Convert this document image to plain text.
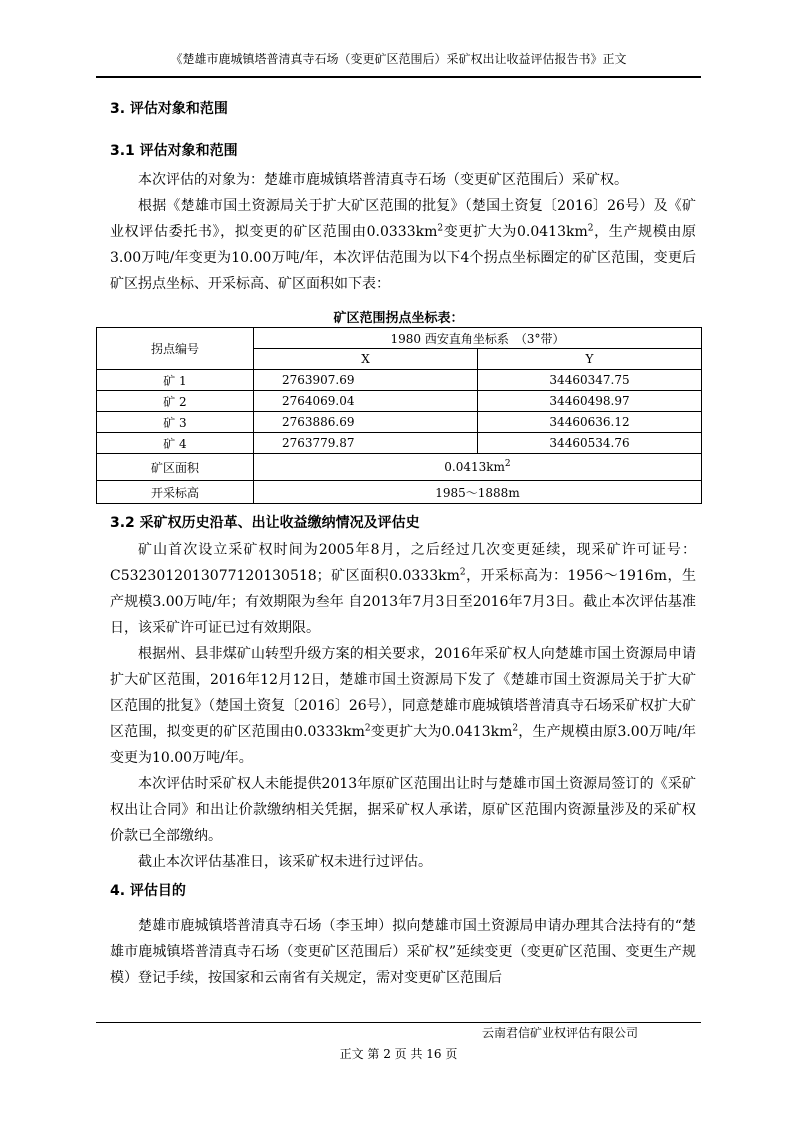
《楚雄市鹿城镇塔普清真寺石场（变更矿区范围后）采矿权出让收益评估报告书》正文
3. 评估对象和范围
3.1 评估对象和范围

本次评估的对象为：楚雄市鹿城镇塔普清真寺石场（变更矿区范围后）采矿权。

根据《楚雄市国土资源局关于扩大矿区范围的批复》（楚国土资复〔2016〕26号）及《矿业权评估委托书》，拟变更的矿区范围由$0.0333km^2$变更扩大为$0.0413km^2$，生产规模由原3.00万吨/年变更为10.00万吨/年，本次评估范围为以下4个拐点坐标圈定的矿区范围，变更后矿区拐点坐标、开采标高、矿区面积如下表：

矿区范围拐点坐标表：
拐点编号	1980 西安直角坐标系　（3°带）	
	X	Y
矿 1	2763907.69	34460347.75
矿 2	2764069.04	34460498.97
矿 3	2763886.69	34460636.12
矿 4	2763779.87	34460534.76
矿区面积	$0.0413km^2$
开采标高	1985～1888m	
3.2 采矿权历史沿革、出让收益缴纳情况及评估史

矿山首次设立采矿权时间为2005年8月，之后经过几次变更延续，现采矿许可证号：C5323012013077120130518；矿区面积$0.0333km^2$，开采标高为：1956～1916m，生产规模3.00万吨/年；有效期限为叁年 自2013年7月3日至2016年7月3日。截止本次评估基准日，该采矿许可证已过有效期限。

根据州、县非煤矿山转型升级方案的相关要求，2016年采矿权人向楚雄市国土资源局申请扩大矿区范围，2016年12月12日，楚雄市国土资源局下发了《楚雄市国土资源局关于扩大矿区范围的批复》（楚国土资复〔2016〕26号），同意楚雄市鹿城镇塔普清真寺石场采矿权扩大矿区范围，拟变更的矿区范围由$0.0333km^2$变更扩大为$0.0413km^2$，生产规模由原3.00万吨/年变更为10.00万吨/年。

本次评估时采矿权人未能提供2013年原矿区范围出让时与楚雄市国土资源局签订的《采矿权出让合同》和出让价款缴纳相关凭据，据采矿权人承诺，原矿区范围内资源量涉及的采矿权价款已全部缴纳。

截止本次评估基准日，该采矿权未进行过评估。

4. 评估目的

楚雄市鹿城镇塔普清真寺石场（李玉坤）拟向楚雄市国土资源局申请办理其合法持有的“楚雄市鹿城镇塔普清真寺石场（变更矿区范围后）采矿权”延续变更（变更矿区范围、变更生产规模）登记手续，按国家和云南省有关规定，需对变更矿区范围后

云南君信矿业权评估有限公司
正文 第 2 页 共 16 页
